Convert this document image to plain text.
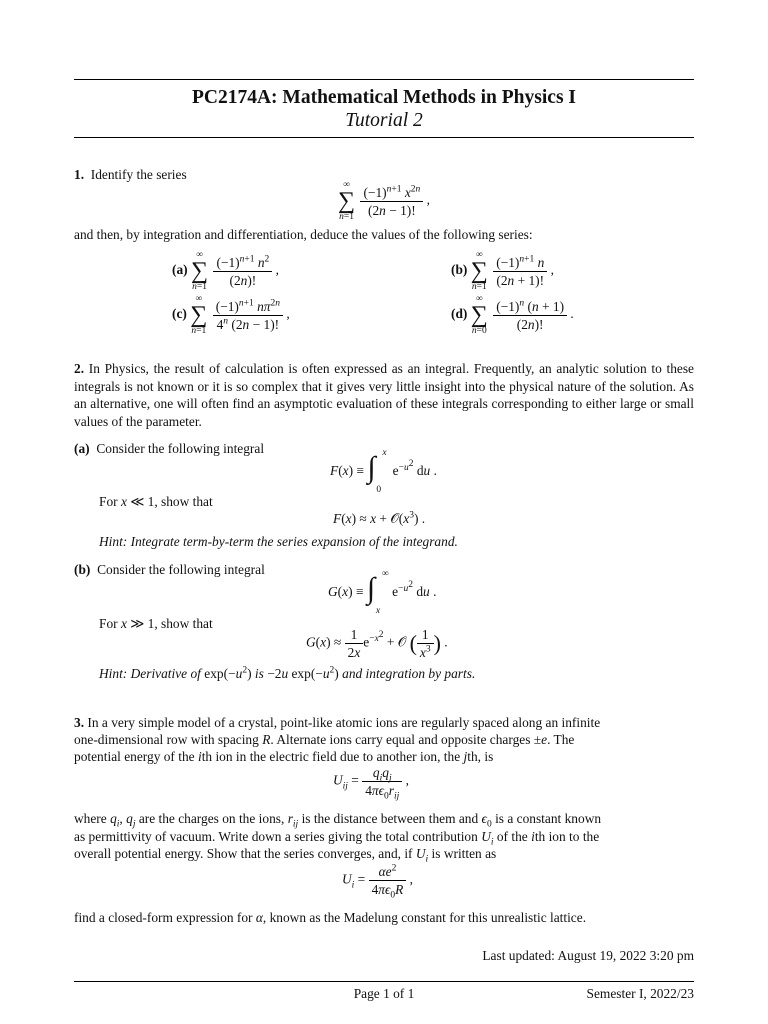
PC2174A: Mathematical Methods in Physics I
Tutorial 2
1. Identify the series
∞
∑
n=1
$\frac{(-1)^{n+1} x^{2n}}{(2n - 1)!}$ ,
and then, by integration and differentiation, deduce the values of the following series:
(a)
∞
∑
n=1
$\frac{(-1)^{n+1} n^2}{(2n)!}$ ,	(b)
∞
∑
n=1
$\frac{(-1)^{n+1} n}{(2n + 1)!}$ ,
(c)
∞
∑
n=1
$\frac{(-1)^{n+1} n\pi^{2n}}{4^n (2n - 1)!}$ ,	(d)
∞
∑
n=0
$\frac{(-1)^n (n + 1)}{(2n)!}$ .
2. In Physics, the result of calculation is often expressed as an integral. Frequently, an analytic solution to these integrals is not known or it is so complex that it gives very little insight into the physical nature of the solution. As an alternative, one will often find an asymptotic evaluation of these integrals corresponding to either large or small values of the parameter.
(a) Consider the following integral
F(x) ≡ ∫ x
0
$e^{-u^2}$ du .
For x ≪ 1, show that
$F(x) \approx x + 𝒪(x^3)$ .
Hint: Integrate term-by-term the series expansion of the integrand.
(b) Consider the following integral
G(x) ≡ ∫ ∞
x
$e^{-u^2}$ du .
For x ≫ 1, show that
$G(x) \approx \frac{1}{2x} e^{-x^2}$ + 𝒪 ( $\frac{1}{x^3}$ ) .
Hint: Derivative of $\exp(-u^2)$ is −2u $\exp(-u^2)$ and integration by parts.
3. In a very simple model of a crystal, point-like atomic ions are regularly spaced along an infinite
one-dimensional row with spacing R. Alternate ions carry equal and opposite charges ±e. The
potential energy of the ith ion in the electric field due to another ion, the jth, is
$U_{ij} = \frac{q_iq_j}{4\pi\epsilon_0r_{ij}}$ ,
where $q_i$, $q_j$ are the charges on the ions, $r_{ij}$ is the distance between them and $\epsilon_0$ is a constant known
as permittivity of vacuum. Write down a series giving the total contribution $U_i$ of the ith ion to the
overall potential energy. Show that the series converges, and, if $U_i$ is written as
$U_i = \frac{\alpha e^2}{4\pi\epsilon_0R}$ ,
find a closed-form expression for α, known as the Madelung constant for this unrealistic lattice.
Last updated: August 19, 2022 3:20 pm
Page 1 of 1	Semester I, 2022/23
